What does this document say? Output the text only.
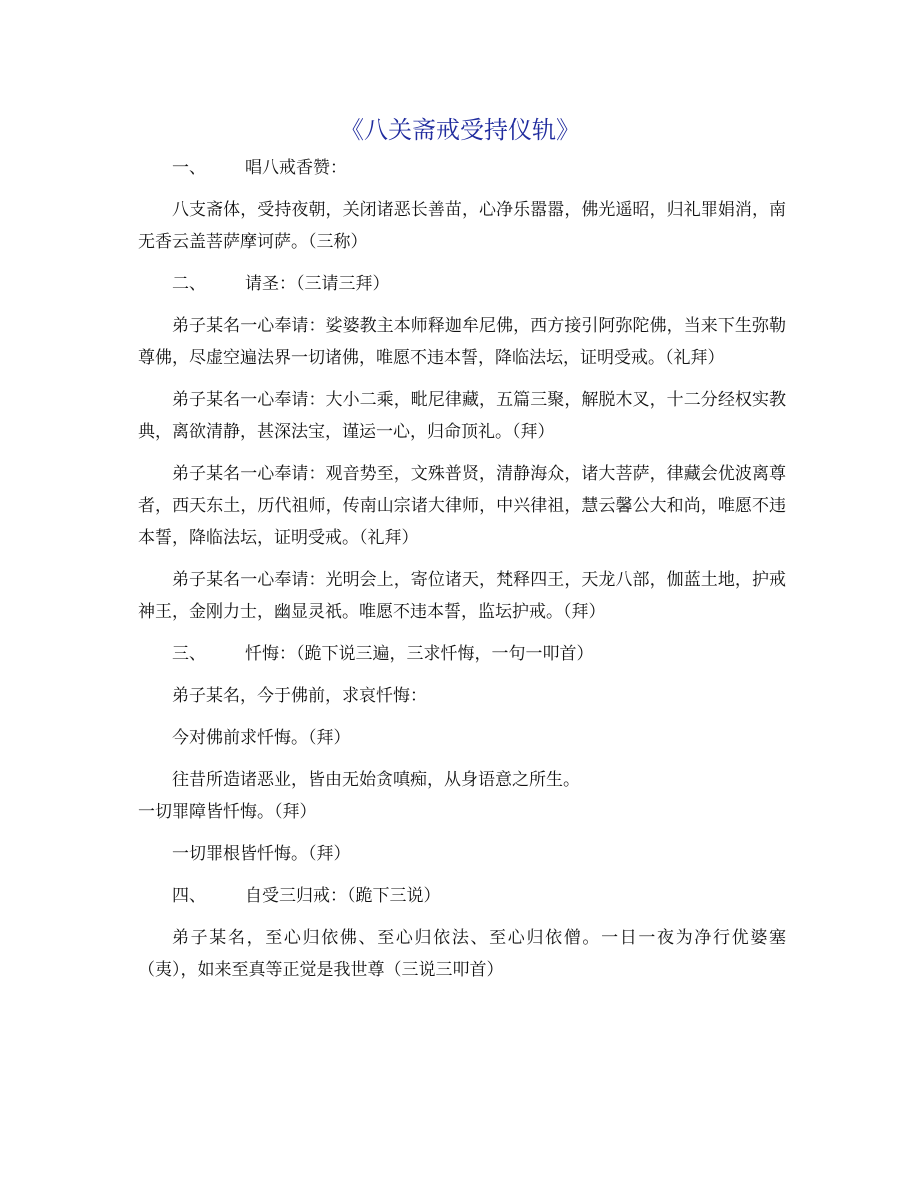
《八关斋戒受持仪轨》
一、 唱八戒香赞：

八支斋体，受持夜朝，关闭诸恶长善苗，心净乐嚣嚣，佛光遥昭，归礼罪娟消，南无香云盖菩萨摩诃萨。（三称）

二、 请圣：（三请三拜）

弟子某名一心奉请：娑婆教主本师释迦牟尼佛，西方接引阿弥陀佛，当来下生弥勒尊佛，尽虚空遍法界一切诸佛，唯愿不违本誓，降临法坛，证明受戒。（礼拜）

弟子某名一心奉请：大小二乘，毗尼律藏，五篇三聚，解脱木叉，十二分经权实教典，离欲清静，甚深法宝，谨运一心，归命顶礼。（拜）

弟子某名一心奉请：观音势至，文殊普贤，清静海众，诸大菩萨，律藏会优波离尊者，西天东土，历代祖师，传南山宗诸大律师，中兴律祖，慧云馨公大和尚，唯愿不违本誓，降临法坛，证明受戒。（礼拜）

弟子某名一心奉请：光明会上，寄位诸天，梵释四王，天龙八部，伽蓝土地，护戒神王，金刚力士，幽显灵祇。唯愿不违本誓，监坛护戒。（拜）

三、 忏悔：（跪下说三遍，三求忏悔，一句一叩首）

弟子某名，今于佛前，求哀忏悔：

今对佛前求忏悔。（拜）

往昔所造诸恶业，皆由无始贪嗔痴，从身语意之所生。

一切罪障皆忏悔。（拜）

一切罪根皆忏悔。（拜）

四、 自受三归戒：（跪下三说）

弟子某名，至心归依佛、至心归依法、至心归依僧。一日一夜为净行优婆塞（夷），如来至真等正觉是我世尊（三说三叩首）
